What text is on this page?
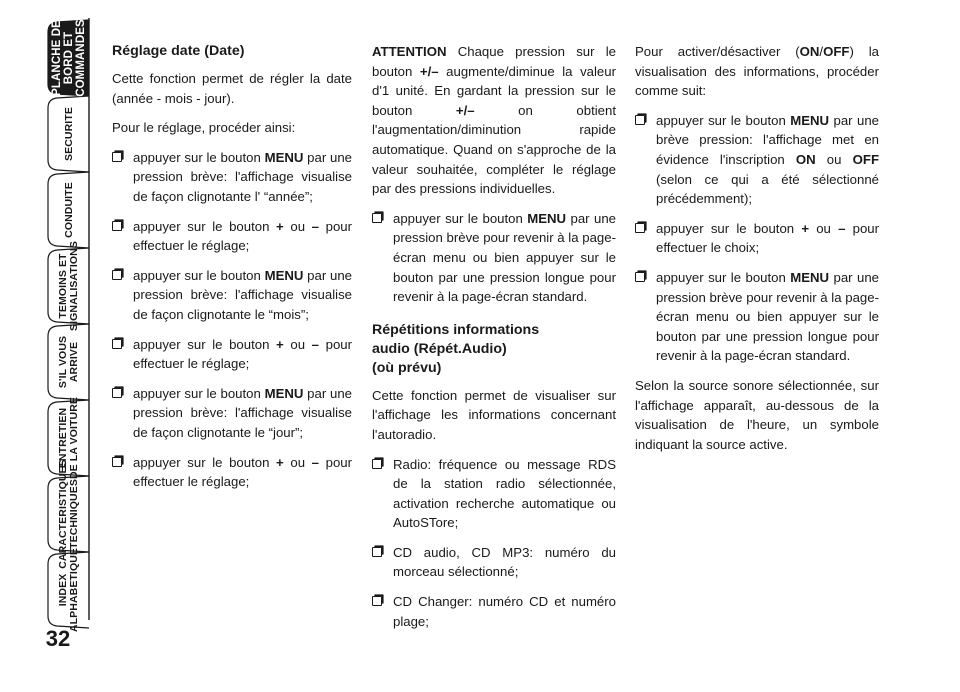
PLANCHE DE BORD ET COMMANDES
SECURITE
CONDUITE
TEMOINS ET SIGNALISATIONS
S'IL VOUS ARRIVE
ENTRETIEN DE LA VOITURE
CARACTERISTIQUES TECHNIQUES
INDEX ALPHABETIQUE
32
Réglage date (Date)

Cette fonction permet de régler la date (année - mois - jour).

Pour le réglage, procéder ainsi:

appuyer sur le bouton MENU par une pression brève: l'affichage visualise de façon clignotante l' “année”;
appuyer sur le bouton + ou – pour effectuer le réglage;
appuyer sur le bouton MENU par une pression brève: l'affichage visualise de façon clignotante le “mois”;
appuyer sur le bouton + ou – pour effectuer le réglage;
appuyer sur le bouton MENU par une pression brève: l'affichage visualise de façon clignotante le “jour”;
appuyer sur le bouton + ou – pour effectuer le réglage;

ATTENTION Chaque pression sur le bouton +/– augmente/diminue la valeur d'1 unité. En gardant la pression sur le bouton +/– on obtient l'augmentation/diminution rapide automatique. Quand on s'approche de la valeur souhaitée, compléter le réglage par des pressions individuelles.

appuyer sur le bouton MENU par une pression brève pour revenir à la page-écran menu ou bien appuyer sur le bouton par une pression longue pour revenir à la page-écran standard.
Répétitions informations
audio (Répét.Audio)
(où prévu)

Cette fonction permet de visualiser sur l'affichage les informations concernant l'autoradio.

Radio: fréquence ou message RDS de la station radio sélectionnée, activation recherche automatique ou AutoSTore;
CD audio, CD MP3: numéro du morceau sélectionné;
CD Changer: numéro CD et numéro plage;

Pour activer/désactiver (ON/OFF) la visualisation des informations, procéder comme suit:

appuyer sur le bouton MENU par une brève pression: l'affichage met en évidence l'inscription ON ou OFF (selon ce qui a été sélectionné précédemment);
appuyer sur le bouton + ou – pour effectuer le choix;
appuyer sur le bouton MENU par une pression brève pour revenir à la page-écran menu ou bien appuyer sur le bouton par une pression longue pour revenir à la page-écran standard.

Selon la source sonore sélectionnée, sur l'affichage apparaît, au-dessous de la visualisation de l'heure, un symbole indiquant la source active.
